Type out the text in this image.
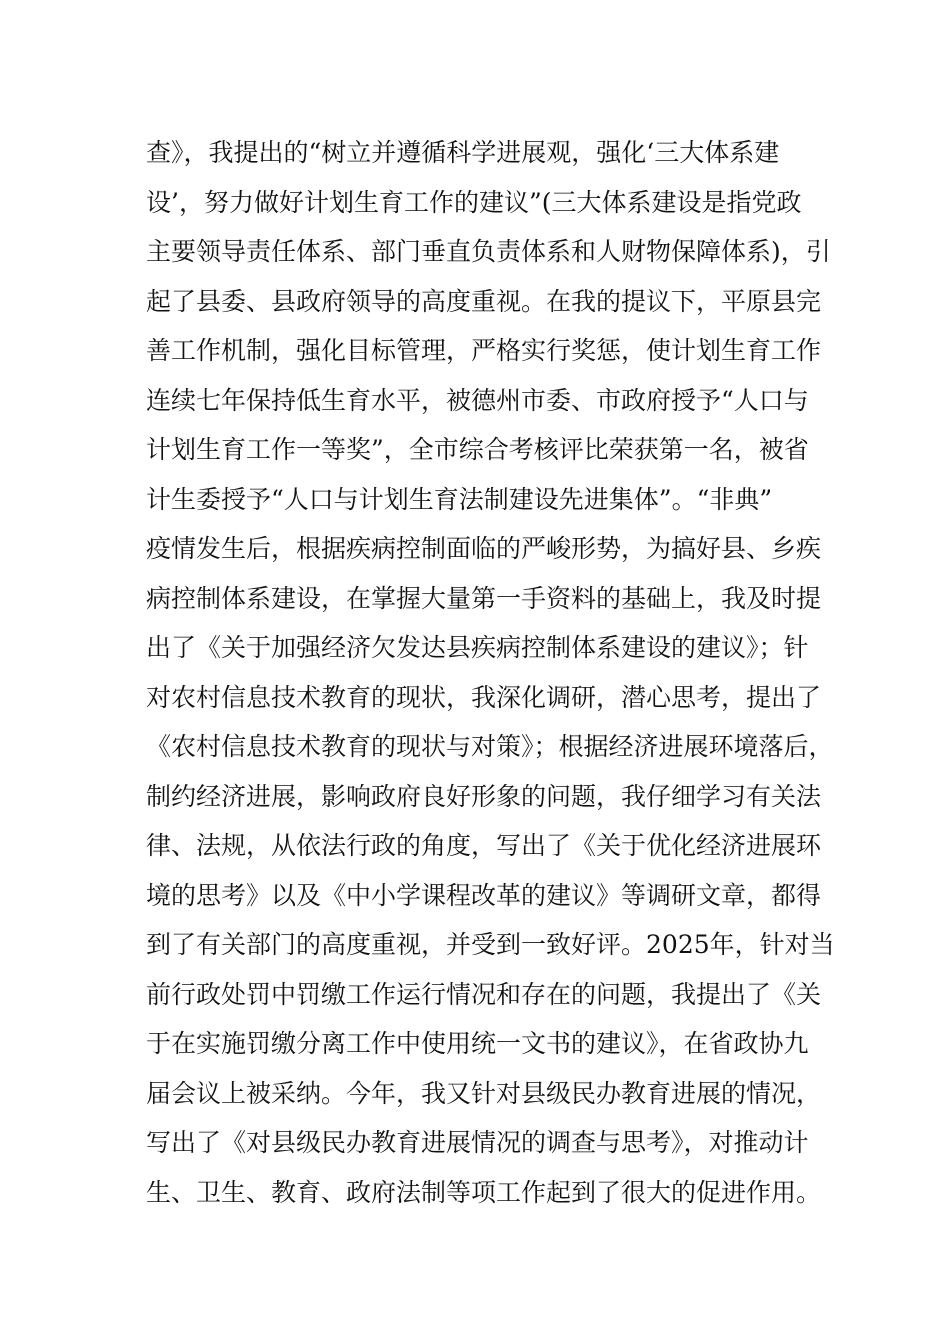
查》，我提出的“树立并遵循科学进展观，强化‘三大体系建
设’，努力做好计划生育工作的建议”(三大体系建设是指党政
主要领导责任体系、部门垂直负责体系和人财物保障体系)，引
起了县委、县政府领导的高度重视。在我的提议下，平原县完
善工作机制，强化目标管理，严格实行奖惩，使计划生育工作
连续七年保持低生育水平，被德州市委、市政府授予“人口与
计划生育工作一等奖”，全市综合考核评比荣获第一名，被省
计生委授予“人口与计划生育法制建设先进集体”。“非典”
疫情发生后，根据疾病控制面临的严峻形势，为搞好县、乡疾
病控制体系建设，在掌握大量第一手资料的基础上，我及时提
出了《关于加强经济欠发达县疾病控制体系建设的建议》；针
对农村信息技术教育的现状，我深化调研，潜心思考，提出了
《农村信息技术教育的现状与对策》；根据经济进展环境落后，
制约经济进展，影响政府良好形象的问题，我仔细学习有关法
律、法规，从依法行政的角度，写出了《关于优化经济进展环
境的思考》以及《中小学课程改革的建议》等调研文章，都得
到了有关部门的高度重视，并受到一致好评。2025年，针对当
前行政处罚中罚缴工作运行情况和存在的问题，我提出了《关
于在实施罚缴分离工作中使用统一文书的建议》，在省政协九
届会议上被采纳。今年，我又针对县级民办教育进展的情况，
写出了《对县级民办教育进展情况的调查与思考》，对推动计
生、卫生、教育、政府法制等项工作起到了很大的促进作用。
